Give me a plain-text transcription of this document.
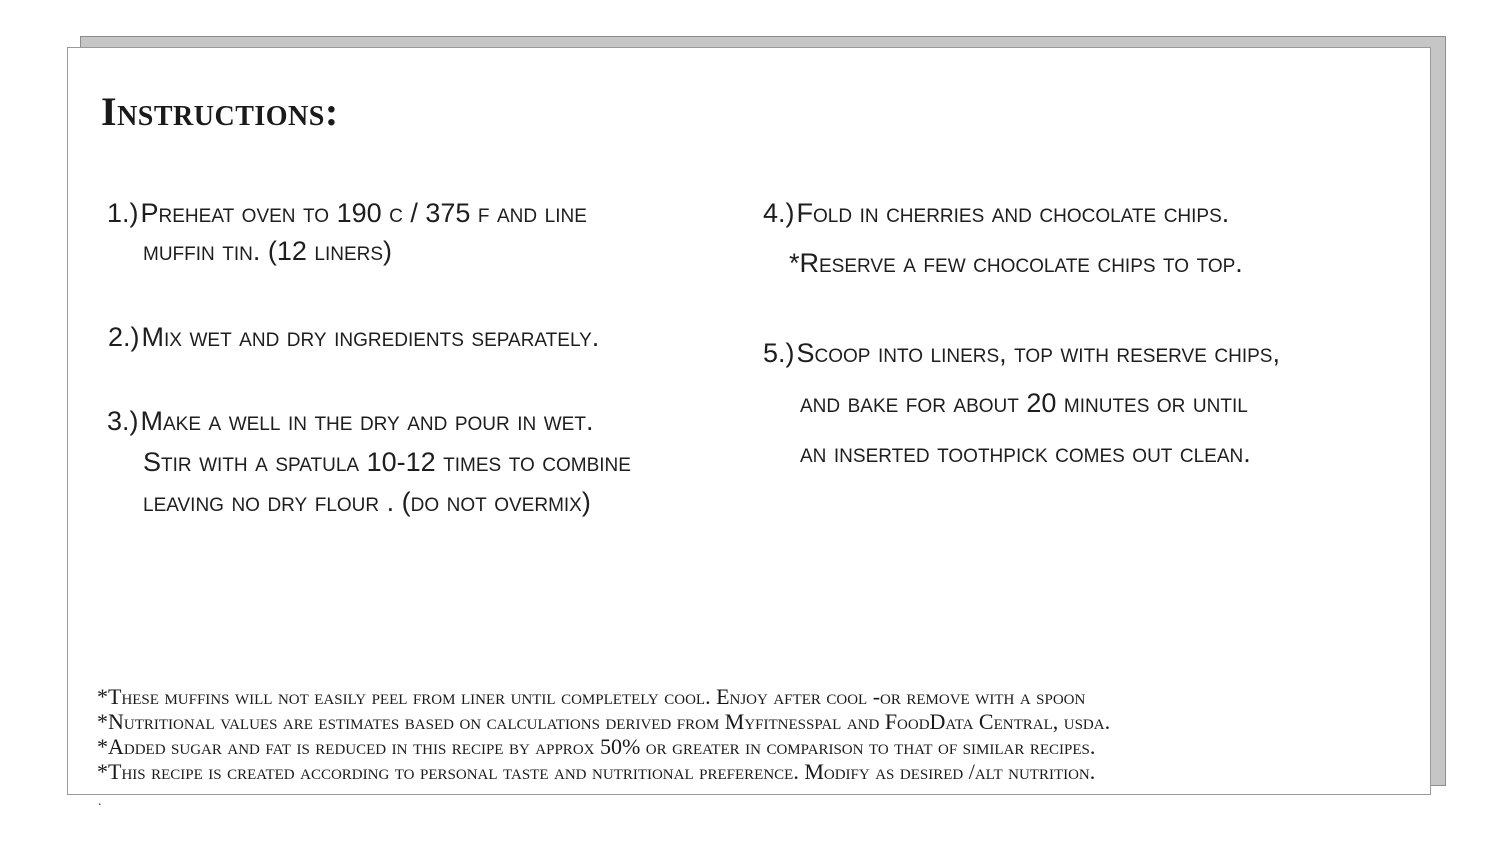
Instructions:
1.)Preheat oven to 190 c / 375 f and line
muffin tin. (12 liners)
2.)Mix wet and dry ingredients separately.
3.)Make a well in the dry and pour in wet.
Stir with a spatula 10-12 times to combine
leaving no dry flour . (do not overmix)
4.)Fold in cherries and chocolate chips.
*Reserve a few chocolate chips to top.
5.)Scoop into liners, top with reserve chips,
and bake for about 20 minutes or until
an inserted toothpick comes out clean.
*These muffins will not easily peel from liner until completely cool. Enjoy after cool -or remove with a spoon
*Nutritional values are estimates based on calculations derived from Myfitnesspal and FoodData Central, usda.
*Added sugar and fat is reduced in this recipe by approx 50% or greater in comparison to that of similar recipes.
*This recipe is created according to personal taste and nutritional preference. Modify as desired /alt nutrition.
.
